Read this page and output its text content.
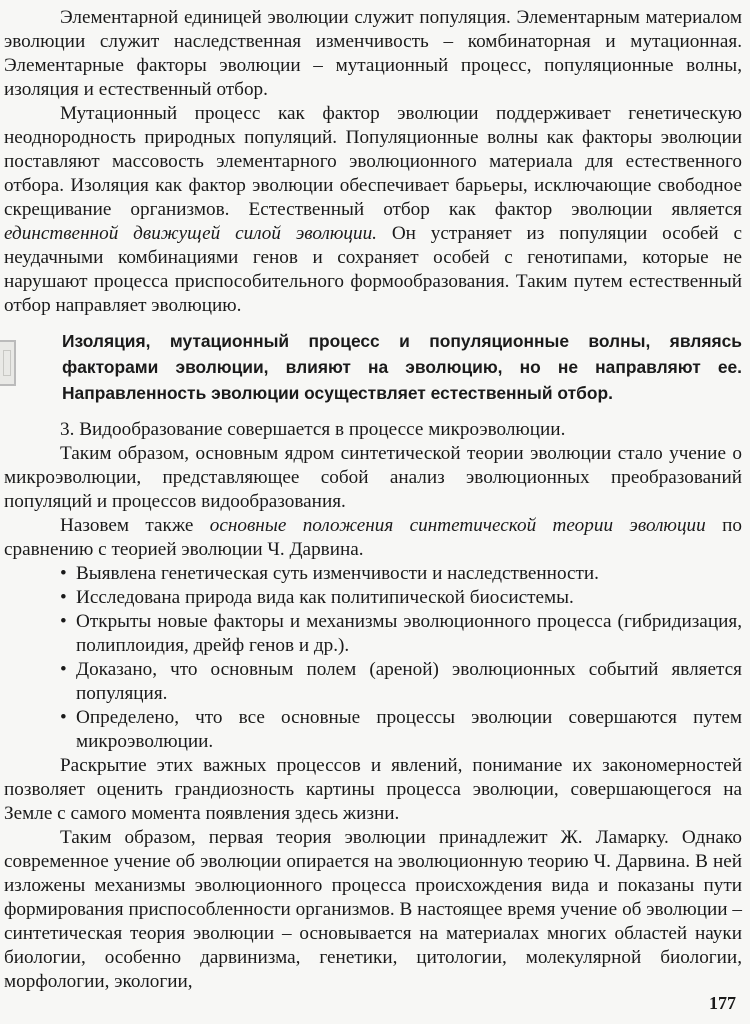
Элементарной единицей эволюции служит популяция. Элементарным материалом эволюции служит наследственная изменчивость – комбинаторная и мутационная. Элементарные факторы эволюции – мутационный процесс, популяционные волны, изоляция и естественный отбор.

Мутационный процесс как фактор эволюции поддерживает генетическую неоднородность природных популяций. Популяционные волны как факторы эволюции поставляют массовость элементарного эволюционного материала для естественного отбора. Изоляция как фактор эволюции обеспечивает барьеры, исключающие свободное скрещивание организмов. Естественный отбор как фактор эволюции является единственной движущей силой эволюции. Он устраняет из популяции особей с неудачными комбинациями генов и сохраняет особей с генотипами, которые не нарушают процесса приспособительного формообразования. Таким путем естественный отбор направляет эволюцию.

Изоляция, мутационный процесс и популяционные волны, являясь факторами эволюции, влияют на эволюцию, но не направляют ее. Направленность эволюции осуществляет естественный отбор.

3. Видообразование совершается в процессе микроэволюции.

Таким образом, основным ядром синтетической теории эволюции стало учение о микроэволюции, представляющее собой анализ эволюционных преобразований популяций и процессов видообразования.

Назовем также основные положения синтетической теории эволюции по сравнению с теорией эволюции Ч. Дарвина.

• Выявлена генетическая суть изменчивости и наследственности.
• Исследована природа вида как политипической биосистемы.
• Открыты новые факторы и механизмы эволюционного процесса (гибридизация, полиплоидия, дрейф генов и др.).
• Доказано, что основным полем (ареной) эволюционных событий является популяция.
• Определено, что все основные процессы эволюции совершаются путем микроэволюции.

Раскрытие этих важных процессов и явлений, понимание их закономерностей позволяет оценить грандиозность картины процесса эволюции, совершающегося на Земле с самого момента появления здесь жизни.

Таким образом, первая теория эволюции принадлежит Ж. Ламарку. Однако современное учение об эволюции опирается на эволюционную теорию Ч. Дарвина. В ней изложены механизмы эволюционного процесса происхождения вида и показаны пути формирования приспособленности организмов. В настоящее время учение об эволюции – синтетическая теория эволюции – основывается на материалах многих областей науки биологии, особенно дарвинизма, генетики, цитологии, молекулярной биологии, морфологии, экологии,

177
